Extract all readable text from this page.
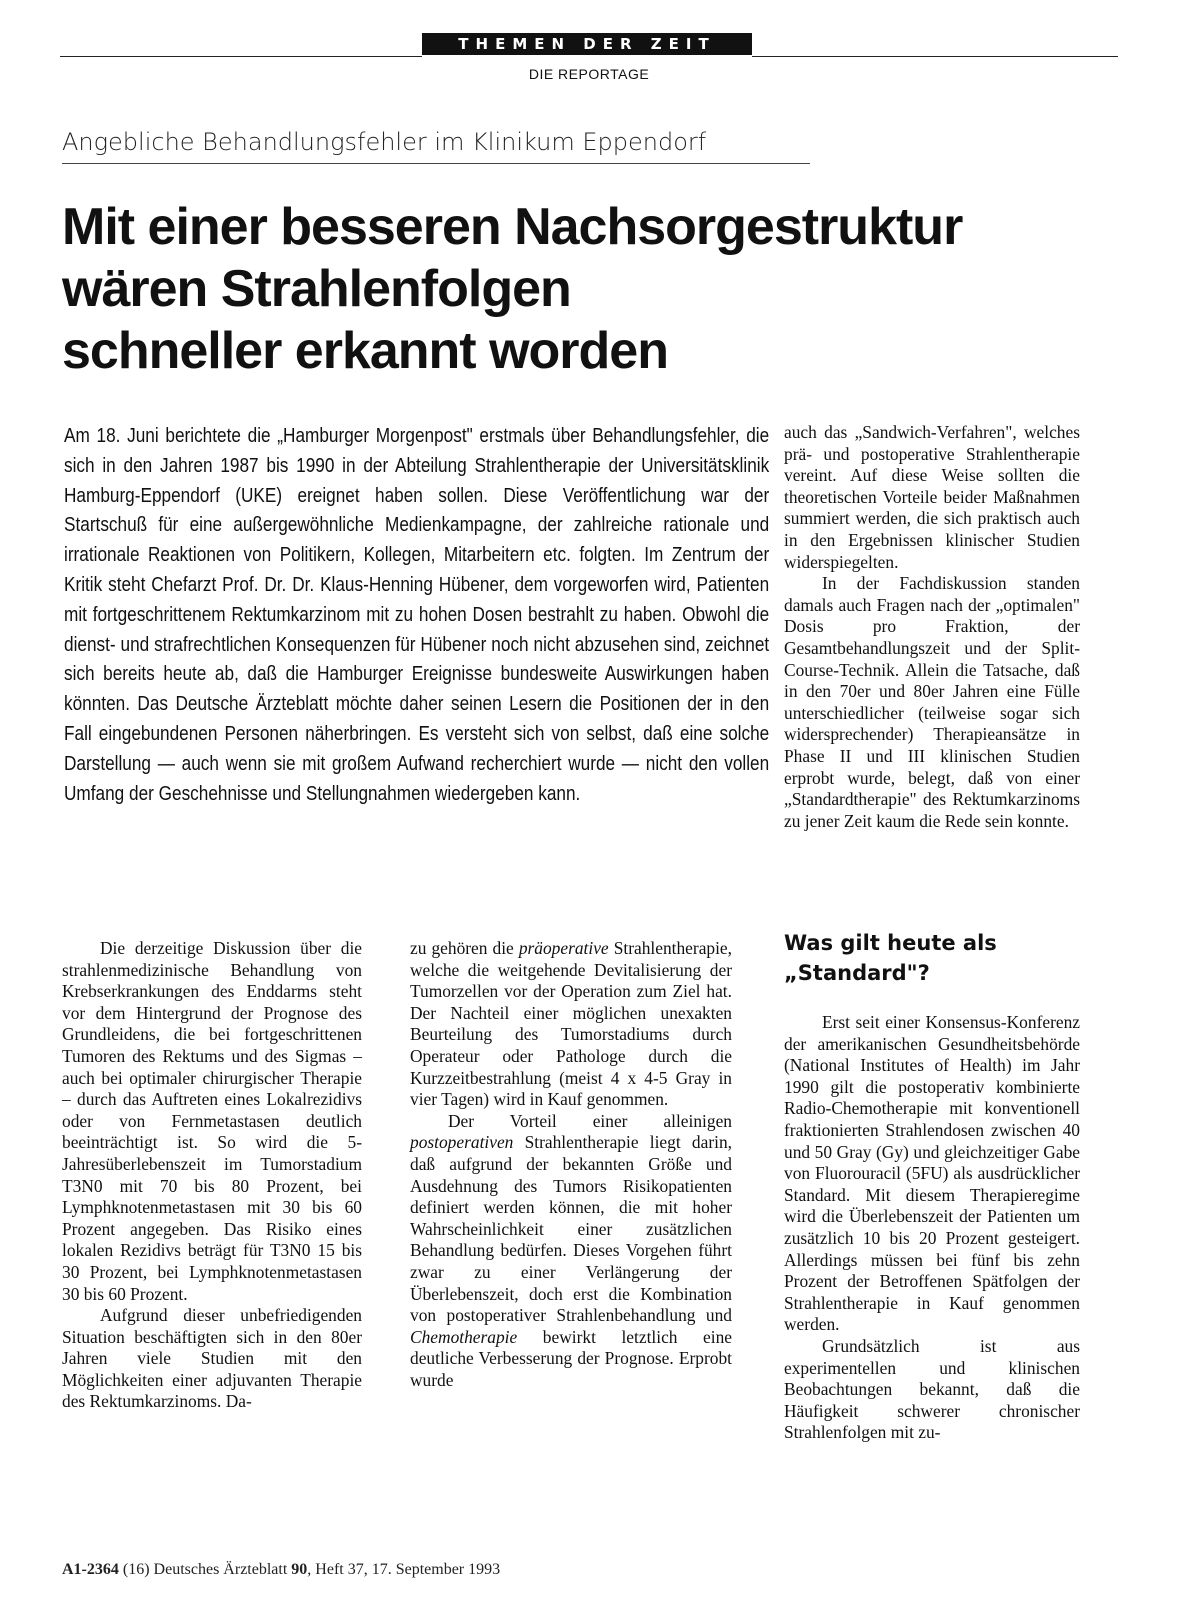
THEMEN DER ZEIT
DIE REPORTAGE
Angebliche Behandlungsfehler im Klinikum Eppendorf
Mit einer besseren Nachsorgestruktur
wären Strahlenfolgen
schneller erkannt worden
Am 18. Juni berichtete die „Hamburger Morgenpost" erstmals über Behandlungsfehler, die sich in den Jahren 1987 bis 1990 in der Abteilung Strahlentherapie der Universitätsklinik Hamburg-Eppendorf (UKE) ereignet haben sollen. Diese Veröffentlichung war der Startschuß für eine außergewöhnliche Medienkampagne, der zahlreiche rationale und irrationale Reaktionen von Politikern, Kollegen, Mitarbeitern etc. folgten. Im Zentrum der Kritik steht Chefarzt Prof. Dr. Dr. Klaus-Henning Hübener, dem vorgeworfen wird, Patienten mit fortgeschrittenem Rektumkarzinom mit zu hohen Dosen bestrahlt zu haben. Obwohl die dienst- und strafrechtlichen Konsequenzen für Hübener noch nicht abzusehen sind, zeichnet sich bereits heute ab, daß die Hamburger Ereignisse bundesweite Auswirkungen haben könnten. Das Deutsche Ärzteblatt möchte daher seinen Lesern die Positionen der in den Fall eingebundenen Personen näherbringen. Es versteht sich von selbst, daß eine solche Darstellung — auch wenn sie mit großem Aufwand recherchiert wurde — nicht den vollen Umfang der Geschehnisse und Stellungnahmen wiedergeben kann.

auch das „Sandwich-Verfahren", welches prä- und postoperative Strahlentherapie vereint. Auf diese Weise sollten die theoretischen Vorteile beider Maßnahmen summiert werden, die sich praktisch auch in den Ergebnissen klinischer Studien widerspiegelten.

In der Fachdiskussion standen damals auch Fragen nach der „optimalen" Dosis pro Fraktion, der Gesamtbehandlungszeit und der Split-Course-Technik. Allein die Tatsache, daß in den 70er und 80er Jahren eine Fülle unterschiedlicher (teilweise sogar sich widersprechender) Therapieansätze in Phase II und III klinischen Studien erprobt wurde, belegt, daß von einer „Standardtherapie" des Rektumkarzinoms zu jener Zeit kaum die Rede sein konnte.

Die derzeitige Diskussion über die strahlenmedizinische Behandlung von Krebserkrankungen des Enddarms steht vor dem Hintergrund der Prognose des Grundleidens, die bei fortgeschrittenen Tumoren des Rektums und des Sigmas – auch bei optimaler chirurgischer Therapie – durch das Auftreten eines Lokalrezidivs oder von Fernmetastasen deutlich beeinträchtigt ist. So wird die 5-Jahresüberlebenszeit im Tumorstadium T3N0 mit 70 bis 80 Prozent, bei Lymphknotenmetastasen mit 30 bis 60 Prozent angegeben. Das Risiko eines lokalen Rezidivs beträgt für T3N0 15 bis 30 Prozent, bei Lymphknotenmetastasen 30 bis 60 Prozent.

Aufgrund dieser unbefriedigenden Situation beschäftigten sich in den 80er Jahren viele Studien mit den Möglichkeiten einer adjuvanten Therapie des Rektumkarzinoms. Da-

zu gehören die präoperative Strahlentherapie, welche die weitgehende Devitalisierung der Tumorzellen vor der Operation zum Ziel hat. Der Nachteil einer möglichen unexakten Beurteilung des Tumorstadiums durch Operateur oder Pathologe durch die Kurzzeitbestrahlung (meist 4 x 4-5 Gray in vier Tagen) wird in Kauf genommen.

Der Vorteil einer alleinigen postoperativen Strahlentherapie liegt darin, daß aufgrund der bekannten Größe und Ausdehnung des Tumors Risikopatienten definiert werden können, die mit hoher Wahrscheinlichkeit einer zusätzlichen Behandlung bedürfen. Dieses Vorgehen führt zwar zu einer Verlängerung der Überlebenszeit, doch erst die Kombination von postoperativer Strahlenbehandlung und Chemotherapie bewirkt letztlich eine deutliche Verbesserung der Prognose. Erprobt wurde

Was gilt heute als „Standard"?

Erst seit einer Konsensus-Konferenz der amerikanischen Gesundheitsbehörde (National Institutes of Health) im Jahr 1990 gilt die postoperativ kombinierte Radio-Chemotherapie mit konventionell fraktionierten Strahlendosen zwischen 40 und 50 Gray (Gy) und gleichzeitiger Gabe von Fluorouracil (5FU) als ausdrücklicher Standard. Mit diesem Therapieregime wird die Überlebenszeit der Patienten um zusätzlich 10 bis 20 Prozent gesteigert. Allerdings müssen bei fünf bis zehn Prozent der Betroffenen Spätfolgen der Strahlentherapie in Kauf genommen werden.

Grundsätzlich ist aus experimentellen und klinischen Beobachtungen bekannt, daß die Häufigkeit schwerer chronischer Strahlenfolgen mit zu-

A1-2364 (16) Deutsches Ärzteblatt 90, Heft 37, 17. September 1993
